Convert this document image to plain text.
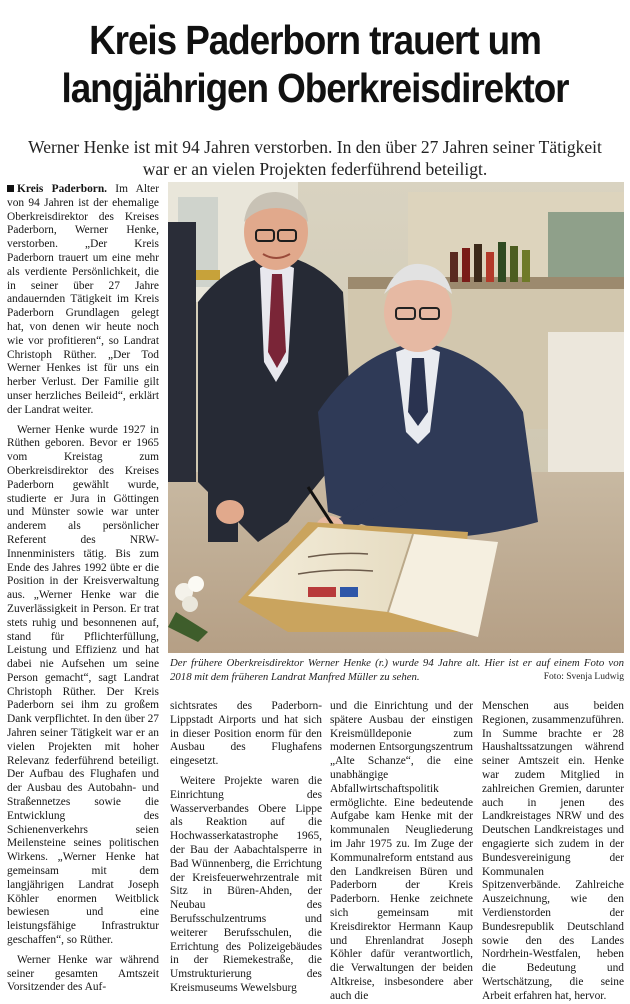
Kreis Paderborn trauert um
langjährigen Oberkreisdirektor
Werner Henke ist mit 94 Jahren verstorben. In den über 27 Jahren seiner Tätigkeit
war er an vielen Projekten federführend beteiligt.

Kreis Paderborn. Im Alter von 94 Jahren ist der ehemalige Oberkreisdirektor des Kreises Paderborn, Werner Henke, verstorben. „Der Kreis Paderborn trauert um eine mehr als verdiente Persönlichkeit, die in seiner über 27 Jahre andauernden Tätigkeit im Kreis Paderborn Grundlagen gelegt hat, von denen wir heute noch wie vor profitieren“, so Landrat Christoph Rüther. „Der Tod Werner Henkes ist für uns ein herber Verlust. Der Familie gilt unser herzliches Beileid“, erklärt der Landrat weiter.

Werner Henke wurde 1927 in Rüthen geboren. Bevor er 1965 vom Kreistag zum Oberkreisdirektor des Kreises Paderborn gewählt wurde, studierte er Jura in Göttingen und Münster sowie war unter anderem als persönlicher Referent des NRW-Innenministers tätig. Bis zum Ende des Jahres 1992 übte er die Position in der Kreisverwaltung aus. „Werner Henke war die Zuverlässigkeit in Person. Er trat stets ruhig und besonnenen auf, stand für Pflichterfüllung, Leistung und Effizienz und hat dabei nie Aufsehen um seine Person gemacht“, sagt Landrat Christoph Rüther. Der Kreis Paderborn sei ihm zu großem Dank verpflichtet. In den über 27 Jahren seiner Tätigkeit war er an vielen Projekten mit hoher Relevanz federführend beteiligt. Der Aufbau des Flughafen und der Ausbau des Autobahn- und Straßennetzes sowie die Entwicklung des Schienenverkehrs seien Meilensteine seines politischen Wirkens. „Werner Henke hat gemeinsam mit dem langjährigen Landrat Joseph Köhler enormen Weitblick bewiesen und eine leistungsfähige Infrastruktur geschaffen“, so Rüther.

Werner Henke war während seiner gesamten Amtszeit Vorsitzender des Auf-

Der frühere Oberkreisdirektor Werner Henke (r.) wurde 94 Jahre alt. Hier ist er auf einem Foto von 2018 mit dem früheren Landrat Manfred Müller zu sehen.	Foto: Svenja Ludwig

sichtsrates des Paderborn-Lippstadt Airports und hat sich in dieser Position enorm für den Ausbau des Flughafens eingesetzt.

Weitere Projekte waren die Einrichtung des Wasserverbandes Obere Lippe als Reaktion auf die Hochwasserkatastrophe 1965, der Bau der Aabachtalsperre in Bad Wünnenberg, die Errichtung der Kreisfeuerwehrzentrale mit Sitz in Büren-Ahden, der Neubau des Berufsschulzentrums und weiterer Berufsschulen, die Errichtung des Polizeigebäudes in der Riemekestraße, die Umstrukturierung des Kreismuseums Wewelsburg

und die Einrichtung und der spätere Ausbau der einstigen Kreismülldeponie zum modernen Entsorgungszentrum „Alte Schanze“, die eine unabhängige Abfallwirtschaftspolitik ermöglichte. Eine bedeutende Aufgabe kam Henke mit der kommunalen Neugliederung im Jahr 1975 zu. Im Zuge der Kommunalreform entstand aus den Landkreisen Büren und Paderborn der Kreis Paderborn. Henke zeichnete sich gemeinsam mit Kreisdirektor Hermann Kaup und Ehrenlandrat Joseph Köhler dafür verantwortlich, die Verwaltungen der beiden Altkreise, insbesondere aber auch die

Menschen aus beiden Regionen, zusammenzuführen. In Summe brachte er 28 Haushaltssatzungen während seiner Amtszeit ein. Henke war zudem Mitglied in zahlreichen Gremien, darunter auch in jenen des Landkreistages NRW und des Deutschen Landkreistages und engagierte sich zudem in der Bundesvereinigung der Kommunalen Spitzenverbände. Zahlreiche Auszeichnung, wie den Verdienstorden der Bundesrepublik Deutschland sowie den des Landes Nordrhein-Westfalen, heben die Bedeutung und Wertschätzung, die seine Arbeit erfahren hat, hervor.
